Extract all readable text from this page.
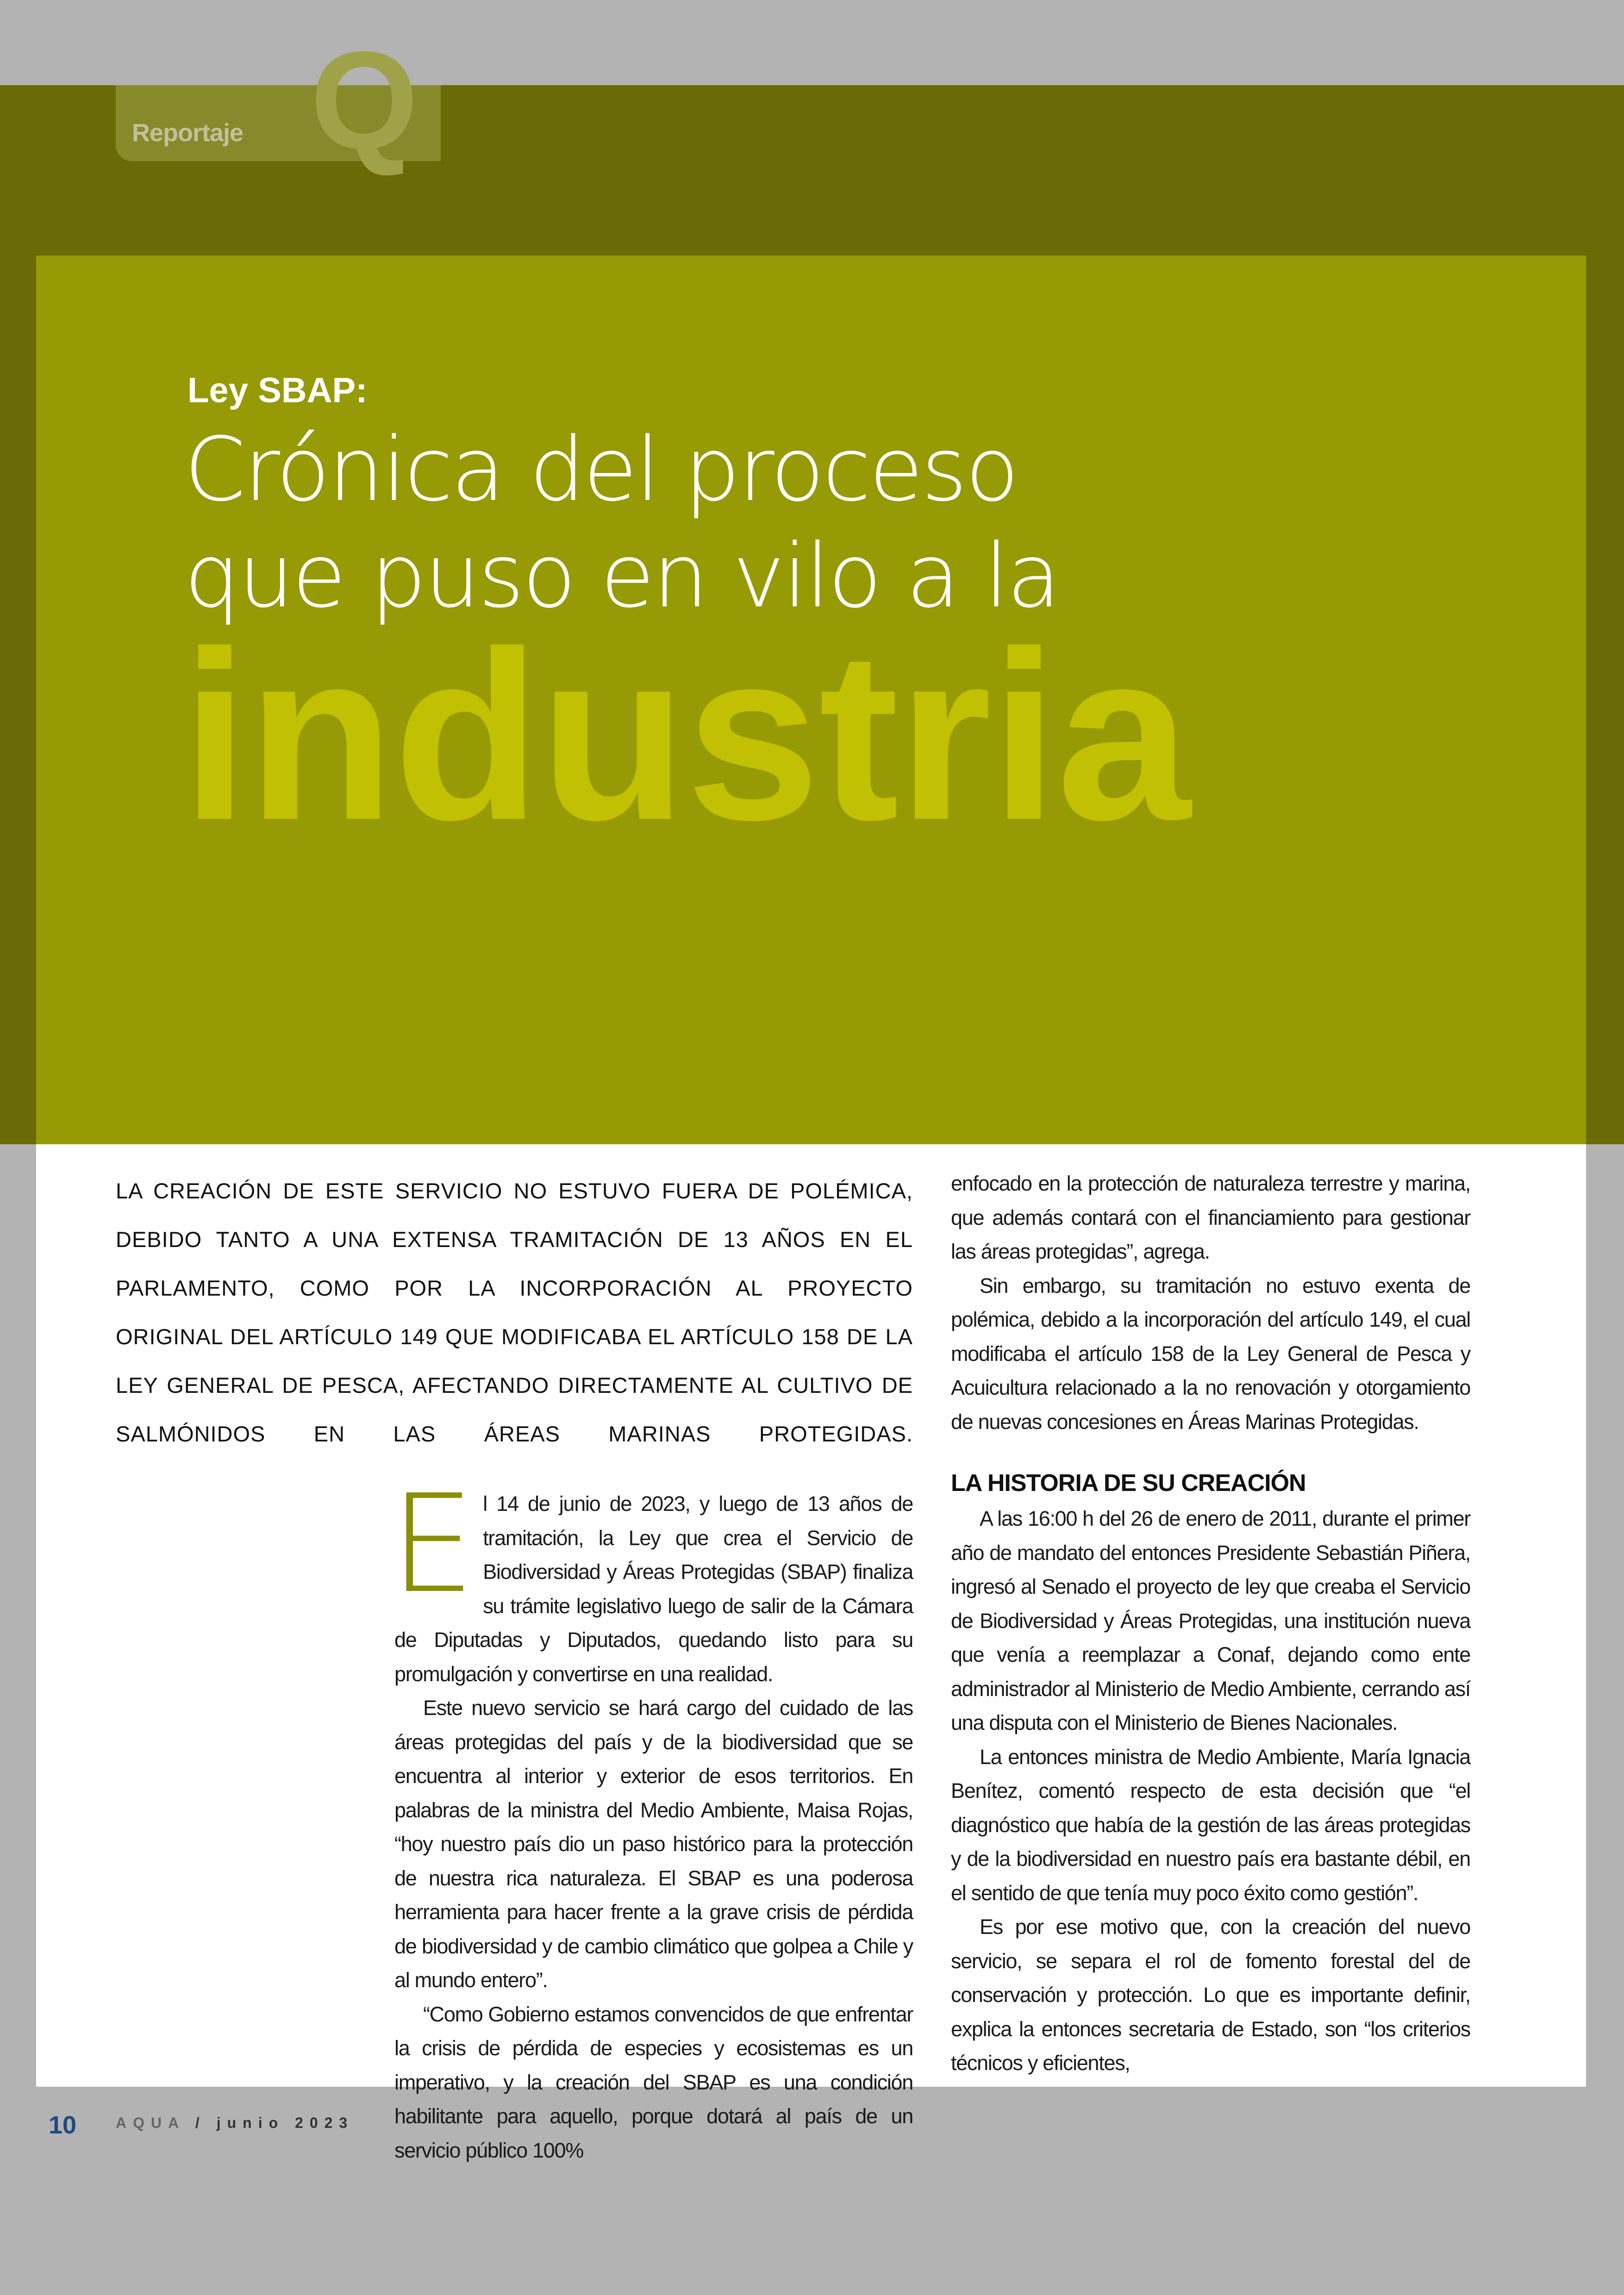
Q
Reportaje
Ley SBAP:
Crónica del proceso
que puso en vilo a la
industria
LA CREACIÓN DE ESTE SERVICIO NO ESTUVO FUERA DE POLÉMICA, DEBIDO TANTO A UNA EXTENSA TRAMITACIÓN DE 13 AÑOS EN EL PARLAMENTO, COMO POR LA INCORPORACIÓN AL PROYECTO ORIGINAL DEL ARTÍCULO 149 QUE MODIFICABA EL ARTÍCULO 158 DE LA LEY GENERAL DE PESCA, AFECTANDO DIRECTAMENTE AL CULTIVO DE SALMÓNIDOS EN LAS ÁREAS MARINAS PROTEGIDAS.

El 14 de junio de 2023, y luego de 13 años de tramitación, la Ley que crea el Servicio de Biodiversidad y Áreas Protegidas (SBAP) finaliza su trámite legislativo luego de salir de la Cámara de Diputadas y Diputados, quedando listo para su promulgación y convertirse en una realidad.

Este nuevo servicio se hará cargo del cuidado de las áreas protegidas del país y de la biodiversidad que se encuentra al interior y exterior de esos territorios. En palabras de la ministra del Medio Ambiente, Maisa Rojas, “hoy nuestro país dio un paso histórico para la protección de nuestra rica naturaleza. El SBAP es una poderosa herramienta para hacer frente a la grave crisis de pérdida de biodiversidad y de cambio climático que golpea a Chile y al mundo entero”.

“Como Gobierno estamos convencidos de que enfrentar la crisis de pérdida de especies y ecosistemas es un imperativo, y la creación del SBAP es una condición habilitante para aquello, porque dotará al país de un servicio público 100%

enfocado en la protección de naturaleza terrestre y marina, que además contará con el financiamiento para gestionar las áreas protegidas”, agrega.

Sin embargo, su tramitación no estuvo exenta de polémica, debido a la incorporación del artículo 149, el cual modificaba el artículo 158 de la Ley General de Pesca y Acuicultura relacionado a la no renovación y otorgamiento de nuevas concesiones en Áreas Marinas Protegidas.

LA HISTORIA DE SU CREACIÓN

A las 16:00 h del 26 de enero de 2011, durante el primer año de mandato del entonces Presidente Sebastián Piñera, ingresó al Senado el proyecto de ley que creaba el Servicio de Biodiversidad y Áreas Protegidas, una institución nueva que venía a reemplazar a Conaf, dejando como ente administrador al Ministerio de Medio Ambiente, cerrando así una disputa con el Ministerio de Bienes Nacionales.

La entonces ministra de Medio Ambiente, María Ignacia Benítez, comentó respecto de esta decisión que “el diagnóstico que había de la gestión de las áreas protegidas y de la biodiversidad en nuestro país era bastante débil, en el sentido de que tenía muy poco éxito como gestión”.

Es por ese motivo que, con la creación del nuevo servicio, se separa el rol de fomento forestal del de conservación y protección. Lo que es importante definir, explica la entonces secretaria de Estado, son “los criterios técnicos y eficientes,

10	AQUA / junio 2023
